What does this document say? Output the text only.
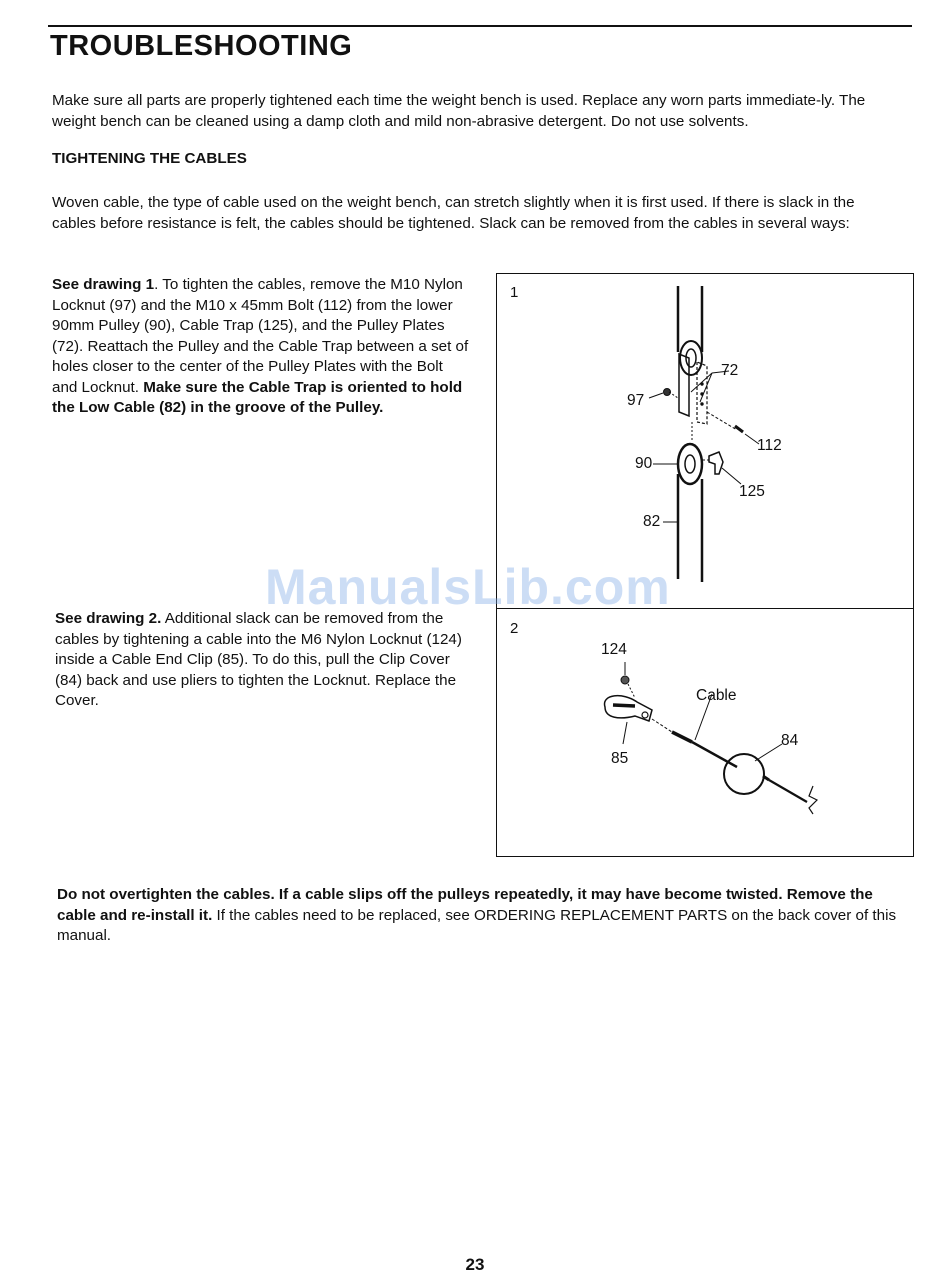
TROUBLESHOOTING
Make sure all parts are properly tightened each time the weight bench is used. Replace any worn parts immediate-ly. The weight bench can be cleaned using a damp cloth and mild non-abrasive detergent. Do not use solvents.
TIGHTENING THE CABLES
Woven cable, the type of cable used on the weight bench, can stretch slightly when it is first used. If there is slack in the cables before resistance is felt, the cables should be tightened. Slack can be removed from the cables in several ways:
See drawing 1. To tighten the cables, remove the M10 Nylon Locknut (97) and the M10 x 45mm Bolt (112) from the lower 90mm Pulley (90), Cable Trap (125), and the Pulley Plates (72). Reattach the Pulley and the Cable Trap between a set of holes closer to the center of the Pulley Plates with the Bolt and Locknut. Make sure the Cable Trap is oriented to hold the Low Cable (82) in the groove of the Pulley.
See drawing 2. Additional slack can be removed from the cables by tightening a cable into the M6 Nylon Locknut (124) inside a Cable End Clip (85). To do this, pull the Clip Cover (84) back and use pliers to tighten the Locknut. Replace the Cover.
Do not overtighten the cables. If a cable slips off the pulleys repeatedly, it may have become twisted. Remove the cable and re-install it. If the cables need to be replaced, see ORDERING REPLACEMENT PARTS on the back cover of this manual.
1
2
72
97
112
90
125
82
124
Cable
84
85
ManualsLib.com
23
